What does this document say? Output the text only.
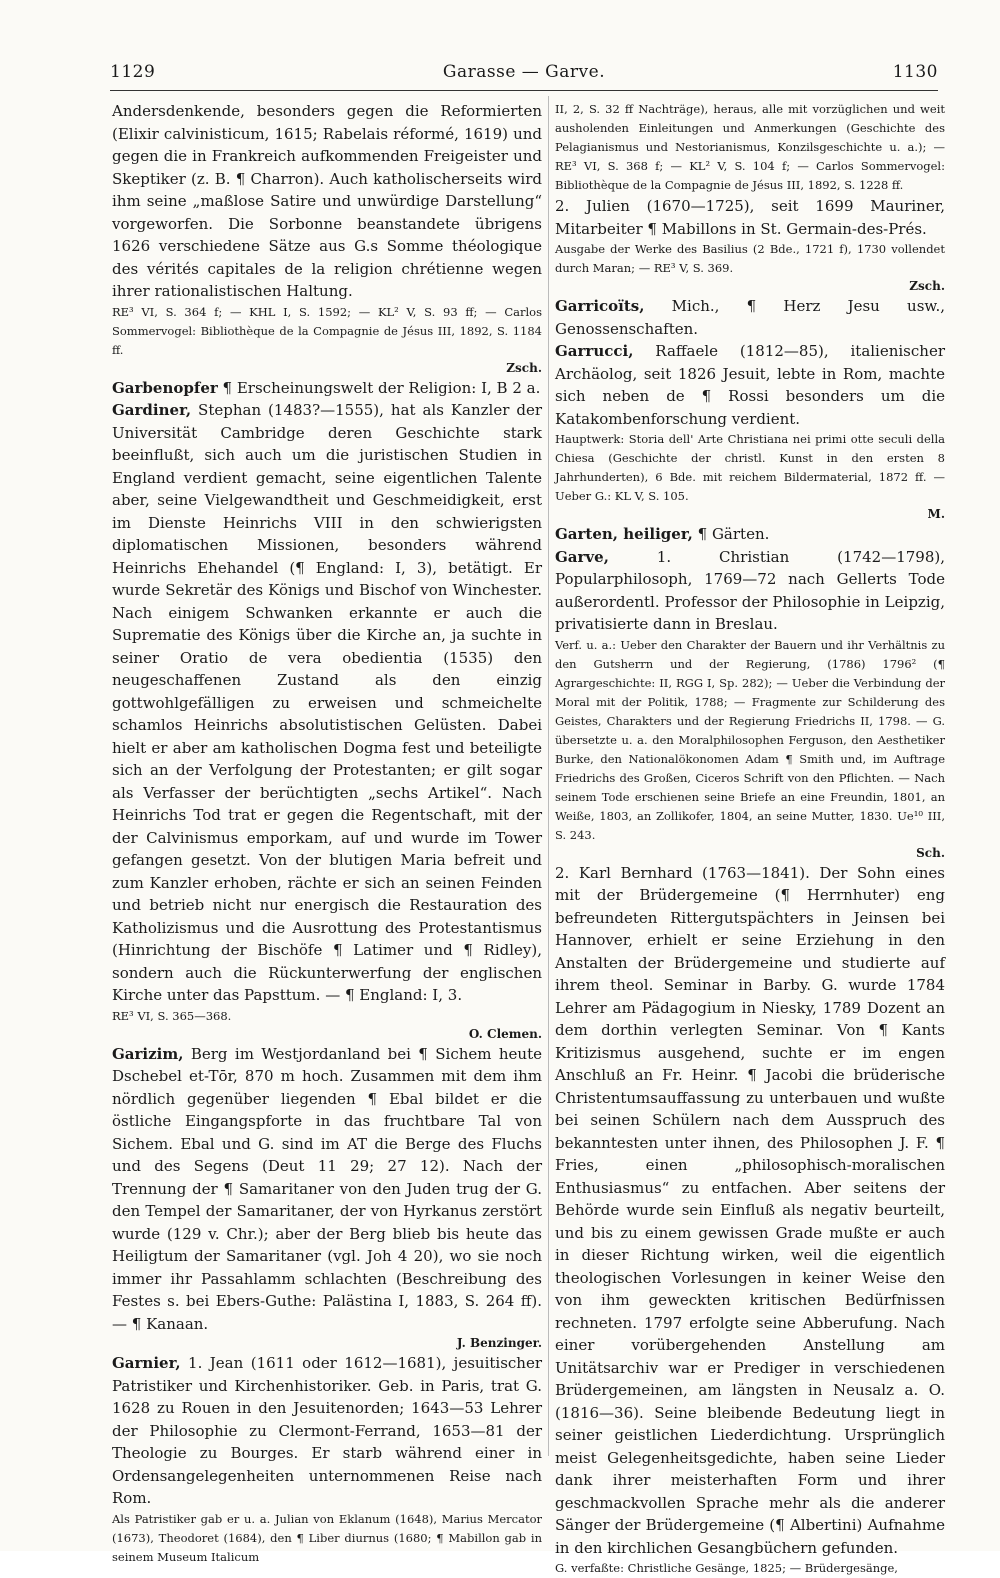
1129	Garasse — Garve.	1130

Andersdenkende, besonders gegen die Reformierten (Elixir calvinisticum, 1615; Rabelais réformé, 1619) und gegen die in Frankreich aufkommenden Freigeister und Skeptiker (z. B. ¶ Charron). Auch katholischerseits wird ihm seine „maßlose Satire und unwürdige Darstellung“ vorgeworfen. Die Sorbonne beanstandete übrigens 1626 verschiedene Sätze aus G.s Somme théologique des vérités capitales de la religion chrétienne wegen ihrer rationalistischen Haltung.

RE³ VI, S. 364 f; — KHL I, S. 1592; — KL² V, S. 93 ff; — Carlos Sommervogel: Bibliothèque de la Compagnie de Jésus III, 1892, S. 1184 ff.

Zsch.

Garbenopfer ¶ Erscheinungswelt der Religion: I, B 2 a.

Gardiner, Stephan (1483?—1555), hat als Kanzler der Universität Cambridge deren Geschichte stark beeinflußt, sich auch um die juristischen Studien in England verdient gemacht, seine eigentlichen Talente aber, seine Vielgewandtheit und Geschmeidigkeit, erst im Dienste Heinrichs VIII in den schwierigsten diplomatischen Missionen, besonders während Heinrichs Ehehandel (¶ England: I, 3), betätigt. Er wurde Sekretär des Königs und Bischof von Winchester. Nach einigem Schwanken erkannte er auch die Suprematie des Königs über die Kirche an, ja suchte in seiner Oratio de vera obedientia (1535) den neugeschaffenen Zustand als den einzig gottwohlgefälligen zu erweisen und schmeichelte schamlos Heinrichs absolutistischen Gelüsten. Dabei hielt er aber am katholischen Dogma fest und beteiligte sich an der Verfolgung der Protestanten; er gilt sogar als Verfasser der berüchtigten „sechs Artikel“. Nach Heinrichs Tod trat er gegen die Regentschaft, mit der der Calvinismus emporkam, auf und wurde im Tower gefangen gesetzt. Von der blutigen Maria befreit und zum Kanzler erhoben, rächte er sich an seinen Feinden und betrieb nicht nur energisch die Restauration des Katholizismus und die Ausrottung des Protestantismus (Hinrichtung der Bischöfe ¶ Latimer und ¶ Ridley), sondern auch die Rückunterwerfung der englischen Kirche unter das Papsttum. — ¶ England: I, 3.

RE³ VI, S. 365—368.

O. Clemen.

Garizim, Berg im Westjordanland bei ¶ Sichem heute Dschebel et-Tōr, 870 m hoch. Zusammen mit dem ihm nördlich gegenüber liegenden ¶ Ebal bildet er die östliche Eingangspforte in das fruchtbare Tal von Sichem. Ebal und G. sind im AT die Berge des Fluchs und des Segens (Deut 11 29; 27 12). Nach der Trennung der ¶ Samaritaner von den Juden trug der G. den Tempel der Samaritaner, der von Hyrkanus zerstört wurde (129 v. Chr.); aber der Berg blieb bis heute das Heiligtum der Samaritaner (vgl. Joh 4 20), wo sie noch immer ihr Passahlamm schlachten (Beschreibung des Festes s. bei Ebers-Guthe: Palästina I, 1883, S. 264 ff). — ¶ Kanaan.

J. Benzinger.

Garnier, 1. Jean (1611 oder 1612—1681), jesuitischer Patristiker und Kirchenhistoriker. Geb. in Paris, trat G. 1628 zu Rouen in den Jesuitenorden; 1643—53 Lehrer der Philosophie zu Clermont-Ferrand, 1653—81 der Theologie zu Bourges. Er starb während einer in Ordensangelegenheiten unternommenen Reise nach Rom.

Als Patristiker gab er u. a. Julian von Eklanum (1648), Marius Mercator (1673), Theodoret (1684), den ¶ Liber diurnus (1680; ¶ Mabillon gab in seinem Museum Italicum

II, 2, S. 32 ff Nachträge), heraus, alle mit vorzüglichen und weit ausholenden Einleitungen und Anmerkungen (Geschichte des Pelagianismus und Nestorianismus, Konzilsgeschichte u. a.); — RE³ VI, S. 368 f; — KL² V, S. 104 f; — Carlos Sommervogel: Bibliothèque de la Compagnie de Jésus III, 1892, S. 1228 ff.

2. Julien (1670—1725), seit 1699 Mauriner, Mitarbeiter ¶ Mabillons in St. Germain-des-Prés.

Ausgabe der Werke des Basilius (2 Bde., 1721 f), 1730 vollendet durch Maran; — RE³ V, S. 369.

Zsch.

Garricoïts, Mich., ¶ Herz Jesu usw., Genossenschaften.

Garrucci, Raffaele (1812—85), italienischer Archäolog, seit 1826 Jesuit, lebte in Rom, machte sich neben de ¶ Rossi besonders um die Katakombenforschung verdient.

Hauptwerk: Storia dell' Arte Christiana nei primi otte seculi della Chiesa (Geschichte der christl. Kunst in den ersten 8 Jahrhunderten), 6 Bde. mit reichem Bildermaterial, 1872 ff. — Ueber G.: KL V, S. 105.

M.

Garten, heiliger, ¶ Gärten.

Garve, 1. Christian (1742—1798), Popularphilosoph, 1769—72 nach Gellerts Tode außerordentl. Professor der Philosophie in Leipzig, privatisierte dann in Breslau.

Verf. u. a.: Ueber den Charakter der Bauern und ihr Verhältnis zu den Gutsherrn und der Regierung, (1786) 1796² (¶ Agrargeschichte: II, RGG I, Sp. 282); — Ueber die Verbindung der Moral mit der Politik, 1788; — Fragmente zur Schilderung des Geistes, Charakters und der Regierung Friedrichs II, 1798. — G. übersetzte u. a. den Moralphilosophen Ferguson, den Aesthetiker Burke, den Nationalökonomen Adam ¶ Smith und, im Auftrage Friedrichs des Großen, Ciceros Schrift von den Pflichten. — Nach seinem Tode erschienen seine Briefe an eine Freundin, 1801, an Weiße, 1803, an Zollikofer, 1804, an seine Mutter, 1830. Ue¹⁰ III, S. 243.

Sch.

2. Karl Bernhard (1763—1841). Der Sohn eines mit der Brüdergemeine (¶ Herrnhuter) eng befreundeten Rittergutspächters in Jeinsen bei Hannover, erhielt er seine Erziehung in den Anstalten der Brüdergemeine und studierte auf ihrem theol. Seminar in Barby. G. wurde 1784 Lehrer am Pädagogium in Niesky, 1789 Dozent an dem dorthin verlegten Seminar. Von ¶ Kants Kritizismus ausgehend, suchte er im engen Anschluß an Fr. Heinr. ¶ Jacobi die brüderische Christentumsauffassung zu unterbauen und wußte bei seinen Schülern nach dem Ausspruch des bekanntesten unter ihnen, des Philosophen J. F. ¶ Fries, einen „philosophisch-moralischen Enthusiasmus“ zu entfachen. Aber seitens der Behörde wurde sein Einfluß als negativ beurteilt, und bis zu einem gewissen Grade mußte er auch in dieser Richtung wirken, weil die eigentlich theologischen Vorlesungen in keiner Weise den von ihm geweckten kritischen Bedürfnissen rechneten. 1797 erfolgte seine Abberufung. Nach einer vorübergehenden Anstellung am Unitätsarchiv war er Prediger in verschiedenen Brüdergemeinen, am längsten in Neusalz a. O. (1816—36). Seine bleibende Bedeutung liegt in seiner geistlichen Liederdichtung. Ursprünglich meist Gelegenheitsgedichte, haben seine Lieder dank ihrer meisterhaften Form und ihrer geschmackvollen Sprache mehr als die anderer Sänger der Brüdergemeine (¶ Albertini) Aufnahme in den kirchlichen Gesangbüchern gefunden.

G. verfaßte: Christliche Gesänge, 1825; — Brüdergesänge,
